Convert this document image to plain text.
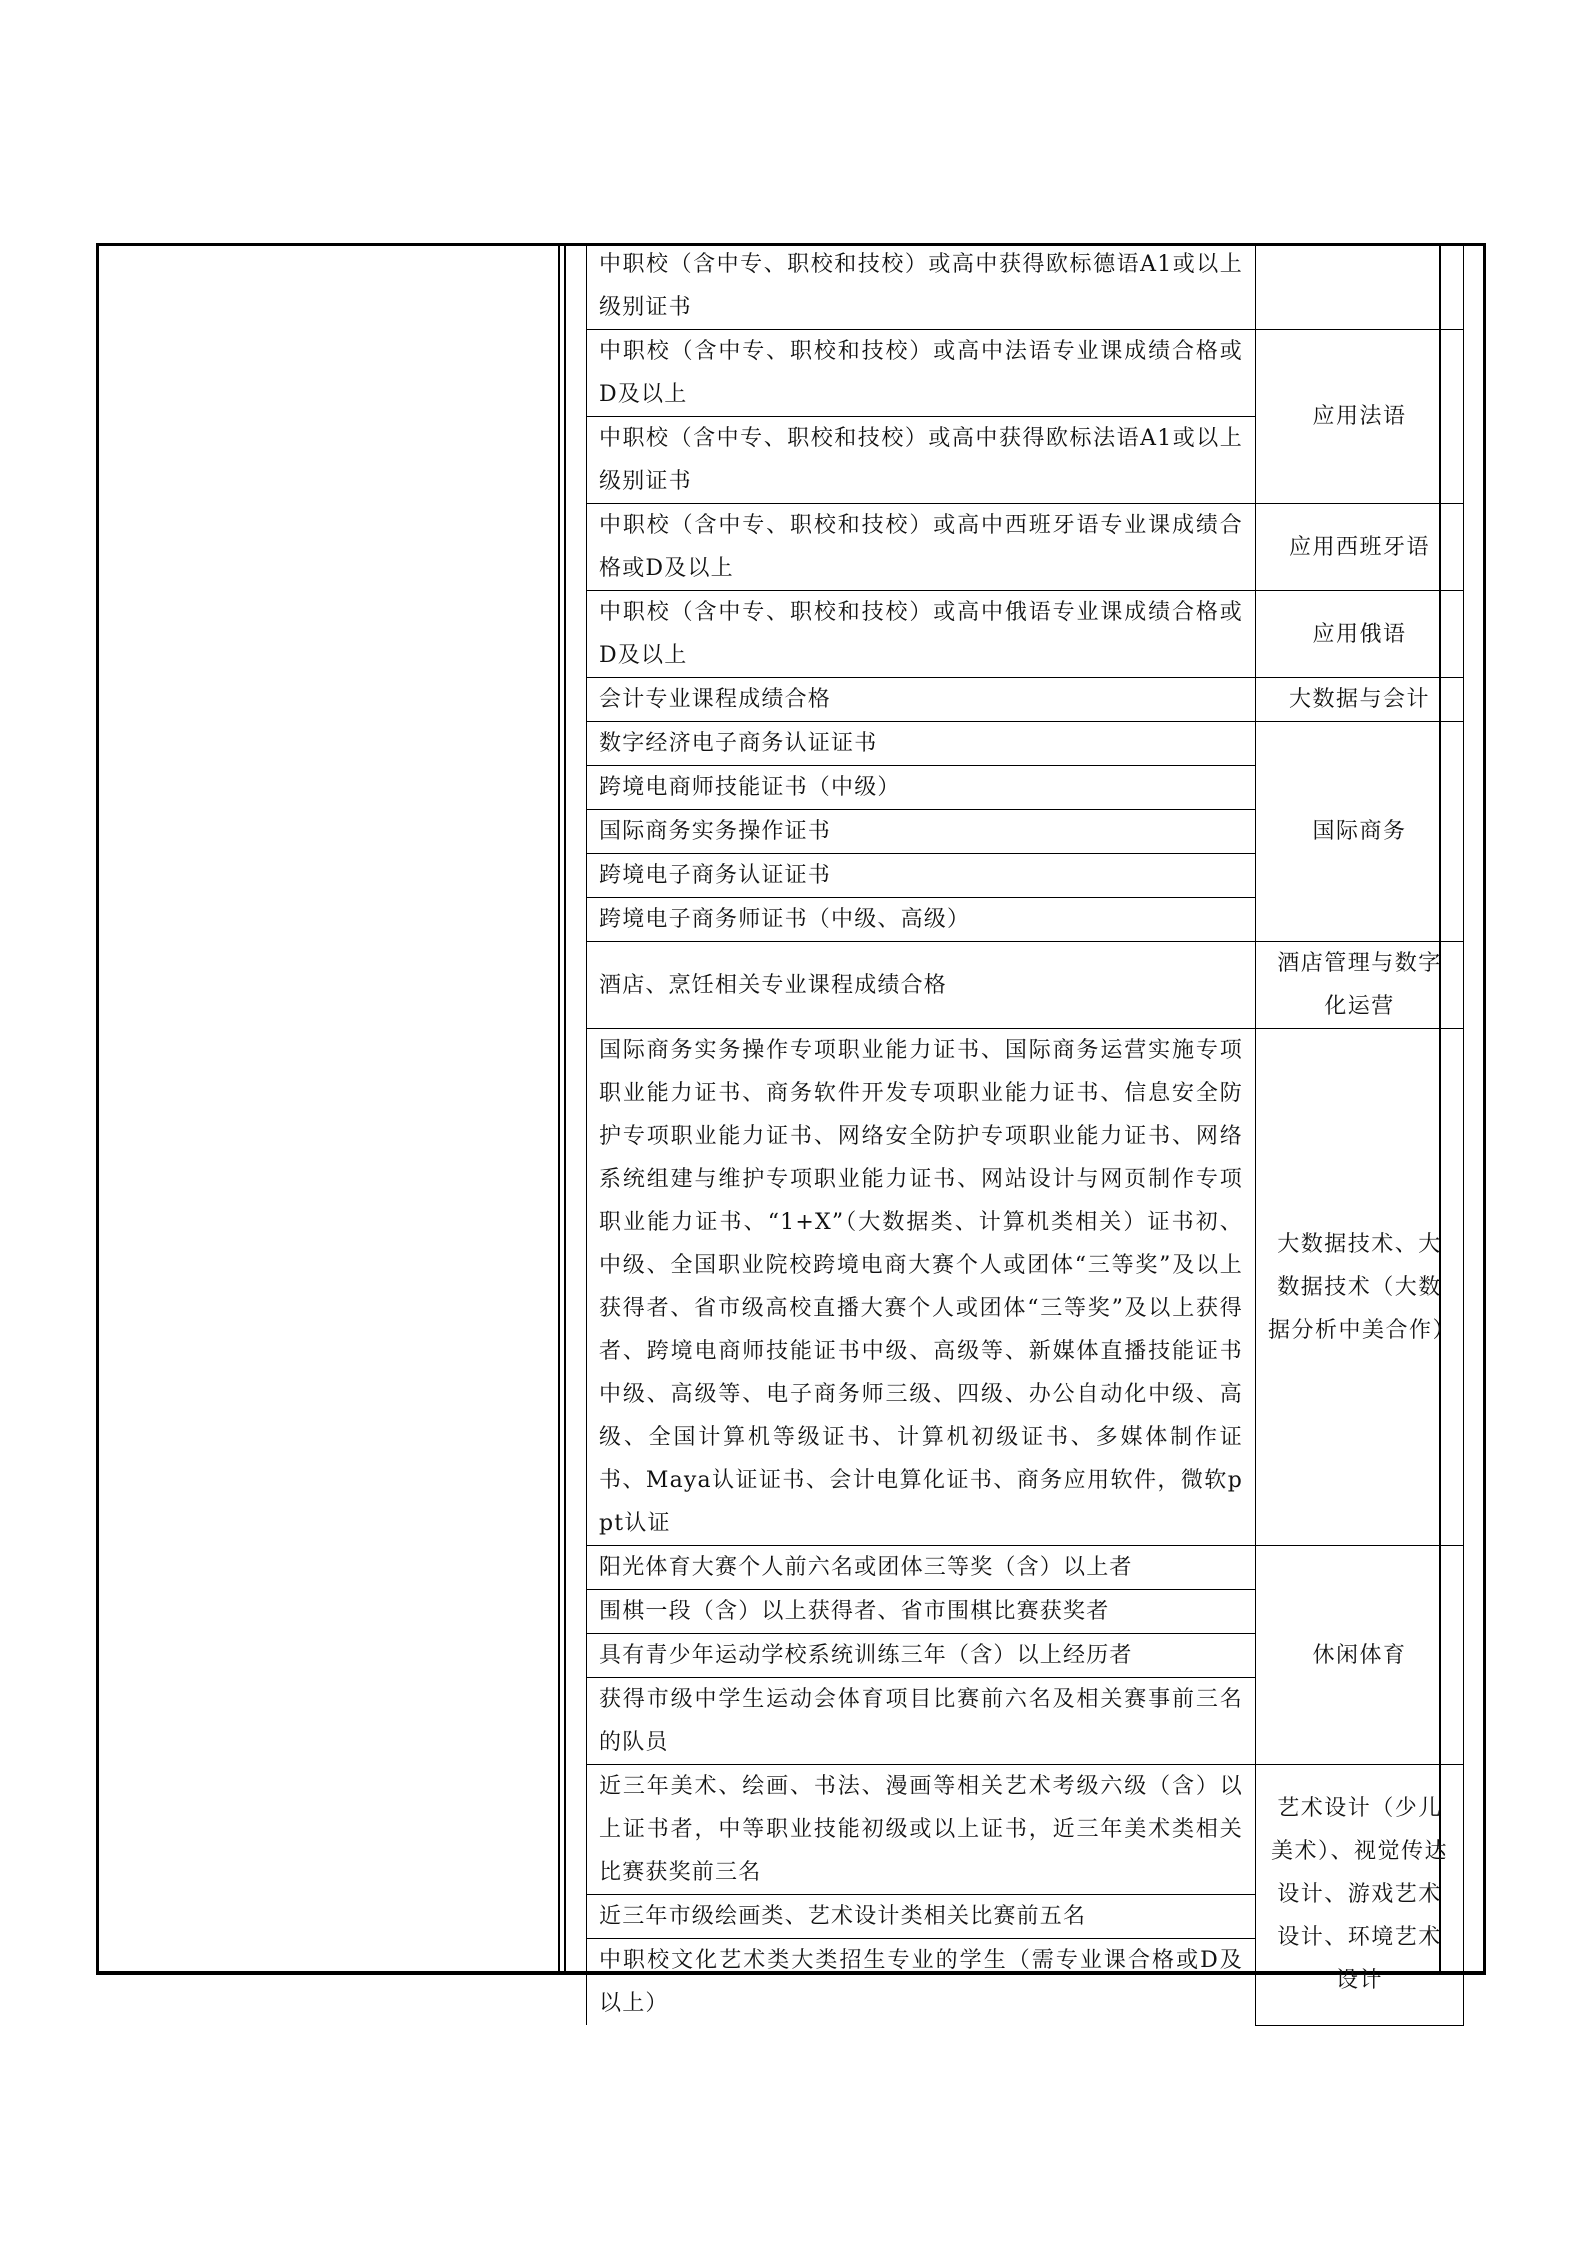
中职校（含中专、职校和技校）或高中获得欧标德语A1或以上级别证书	
中职校（含中专、职校和技校）或高中法语专业课成绩合格或D及以上	应用法语
中职校（含中专、职校和技校）或高中获得欧标法语A1或以上级别证书	
中职校（含中专、职校和技校）或高中西班牙语专业课成绩合格或D及以上	应用西班牙语
中职校（含中专、职校和技校）或高中俄语专业课成绩合格或D及以上	应用俄语
会计专业课程成绩合格	大数据与会计
数字经济电子商务认证证书	国际商务
跨境电商师技能证书（中级）	
国际商务实务操作证书	
跨境电子商务认证证书	
跨境电子商务师证书（中级、高级）	
酒店、烹饪相关专业课程成绩合格	酒店管理与数字化运营
国际商务实务操作专项职业能力证书、国际商务运营实施专项职业能力证书、商务软件开发专项职业能力证书、信息安全防护专项职业能力证书、网络安全防护专项职业能力证书、网络系统组建与维护专项职业能力证书、网站设计与网页制作专项职业能力证书、“1+X”（大数据类、计算机类相关）证书初、中级、全国职业院校跨境电商大赛个人或团体“三等奖”及以上获得者、省市级高校直播大赛个人或团体“三等奖”及以上获得者、跨境电商师技能证书中级、高级等、新媒体直播技能证书中级、高级等、电子商务师三级、四级、办公自动化中级、高级、全国计算机等级证书、计算机初级证书、多媒体制作证书、Maya认证证书、会计电算化证书、商务应用软件，微软ppt认证	大数据技术、大数据技术（大数据分析中美合作）
阳光体育大赛个人前六名或团体三等奖（含）以上者	休闲体育
围棋一段（含）以上获得者、省市围棋比赛获奖者	
具有青少年运动学校系统训练三年（含）以上经历者	
获得市级中学生运动会体育项目比赛前六名及相关赛事前三名的队员	
近三年美术、绘画、书法、漫画等相关艺术考级六级（含）以上证书者，中等职业技能初级或以上证书，近三年美术类相关比赛获奖前三名	艺术设计（少儿美术）、视觉传达设计、游戏艺术设计、环境艺术设计
近三年市级绘画类、艺术设计类相关比赛前五名	
中职校文化艺术类大类招生专业的学生（需专业课合格或D及以上）	
